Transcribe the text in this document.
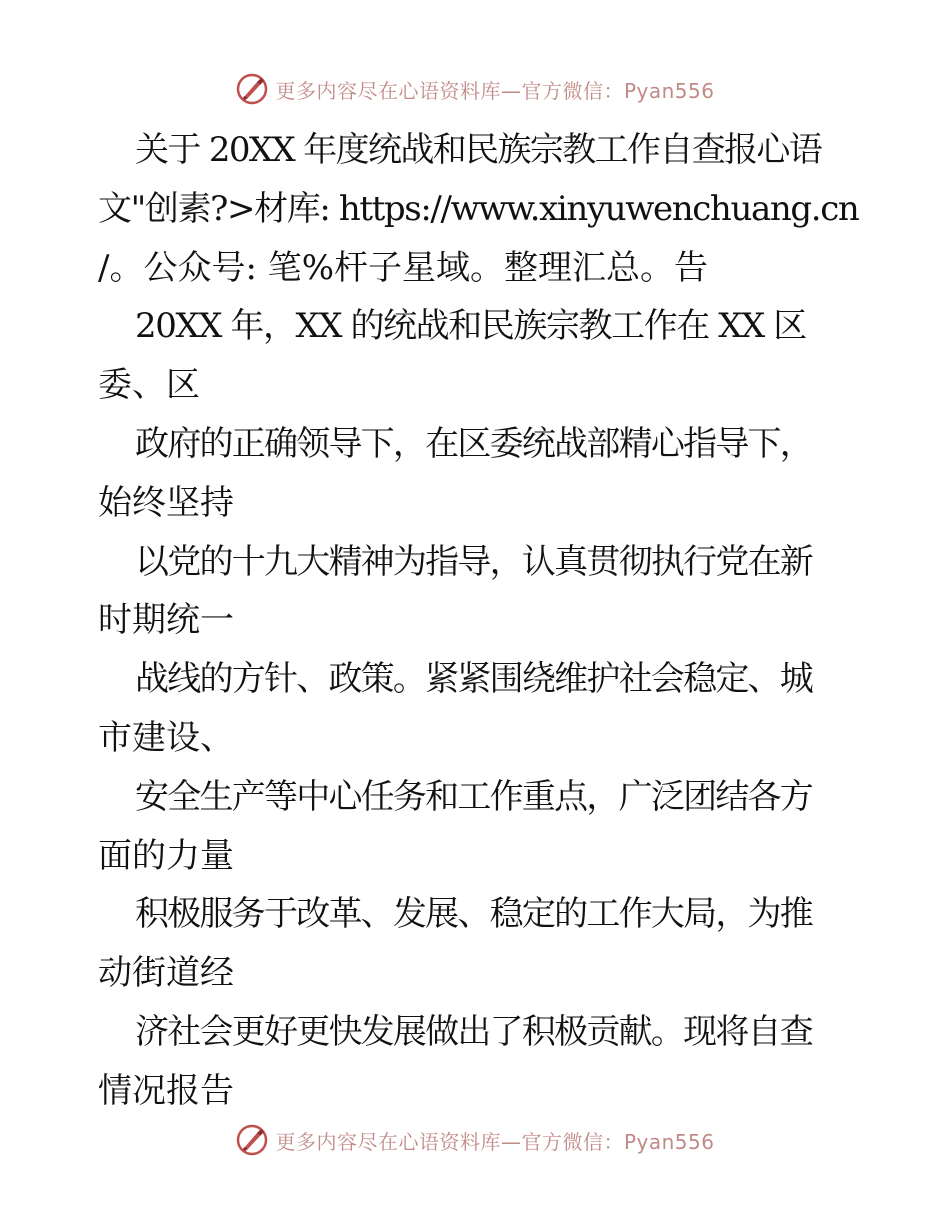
更多内容尽在心语资料库—官方微信：Pyan556
关于 20XX 年度统战和民族宗教工作自查报心语
文"创素?>材库: https://www.xinyuwenchuang.cn
/。公众号: 笔%杆子星域。整理汇总。告
20XX 年，XX 的统战和民族宗教工作在 XX 区
委、区
政府的正确领导下，在区委统战部精心指导下，
始终坚持
以党的十九大精神为指导，认真贯彻执行党在新
时期统一
战线的方针、政策。紧紧围绕维护社会稳定、城
市建设、
安全生产等中心任务和工作重点，广泛团结各方
面的力量
积极服务于改革、发展、稳定的工作大局，为推
动街道经
济社会更好更快发展做出了积极贡献。现将自查
情况报告
更多内容尽在心语资料库—官方微信：Pyan556
